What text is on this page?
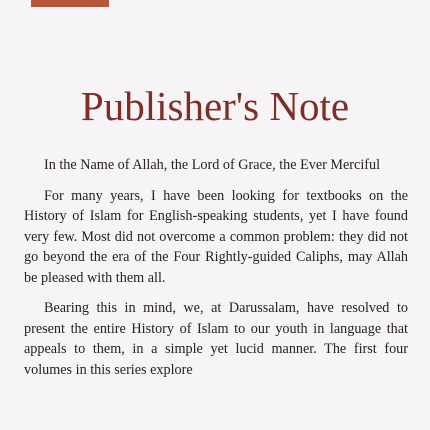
Publisher's Note

In the Name of Allah, the Lord of Grace, the Ever Merciful

For many years, I have been looking for textbooks on the History of Islam for English-speaking students, yet I have found very few. Most did not overcome a common problem: they did not go beyond the era of the Four Rightly-guided Caliphs, may Allah be pleased with them all.

Bearing this in mind, we, at Darussalam, have resolved to present the entire History of Islam to our youth in language that appeals to them, in a simple yet lucid manner. The first four volumes in this series explore
